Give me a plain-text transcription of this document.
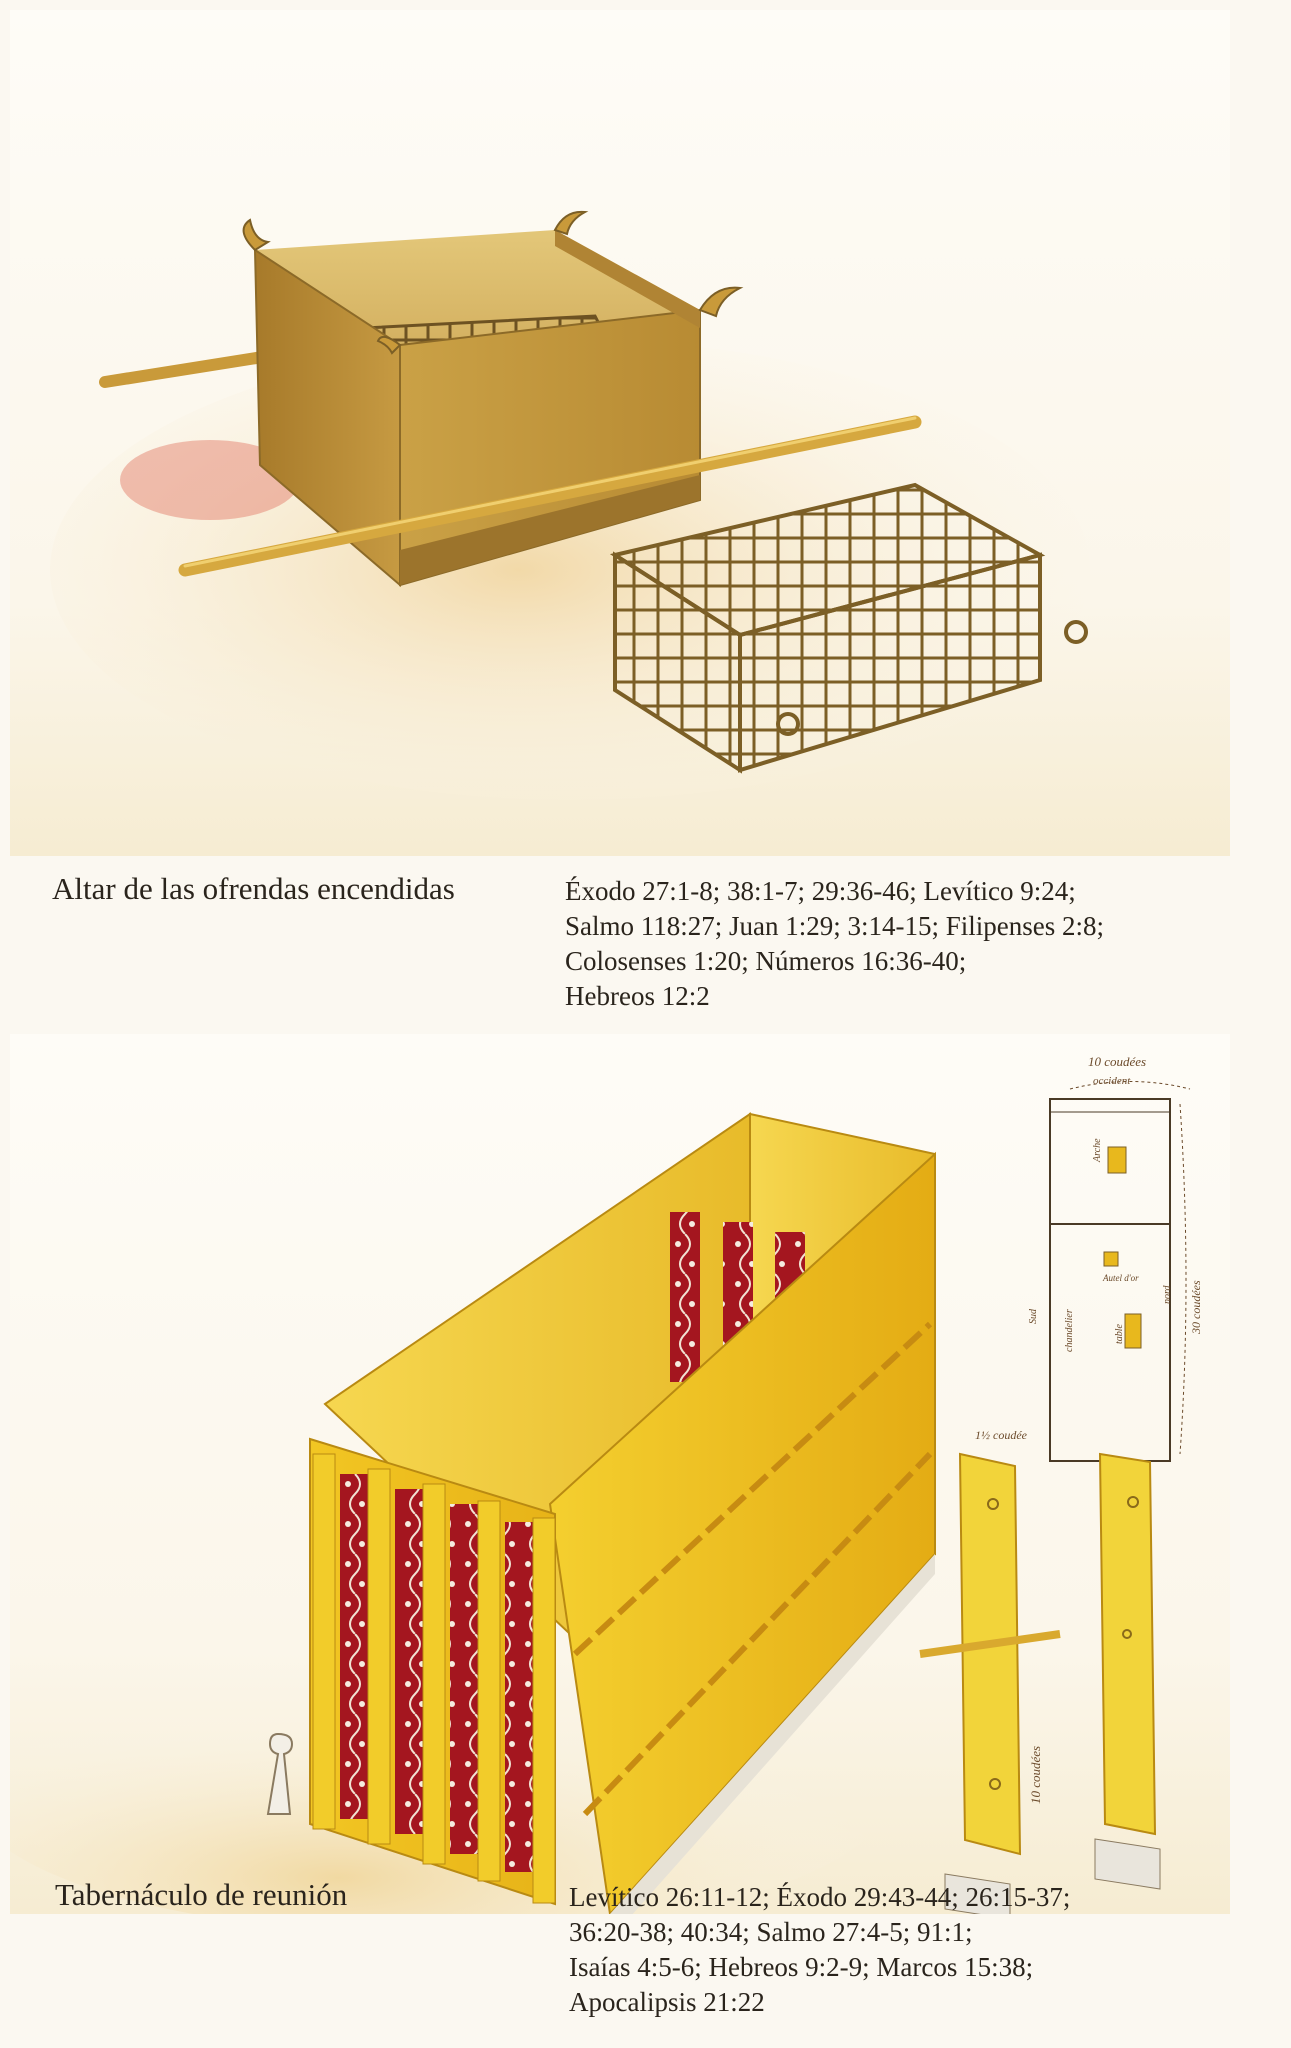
Altar de las ofrendas encendidas	Éxodo 27:1-8; 38:1-7; 29:36-46; Levítico 9:24;
Salmo 118:27; Juan 1:29; 3:14-15; Filipenses 2:8;
Colosenses 1:20; Números 16:36-40;
Hebreos 12:2
10 coudées
occident
Arche
Autel d'or
Sud	chandelier	table
nord 30 coudées
1½ coudée
10 coudées
Tabernáculo de reunión	Levítico 26:11-12; Éxodo 29:43-44; 26:15-37;
36:20-38; 40:34; Salmo 27:4-5; 91:1;
Isaías 4:5-6; Hebreos 9:2-9; Marcos 15:38;
Apocalipsis 21:22
